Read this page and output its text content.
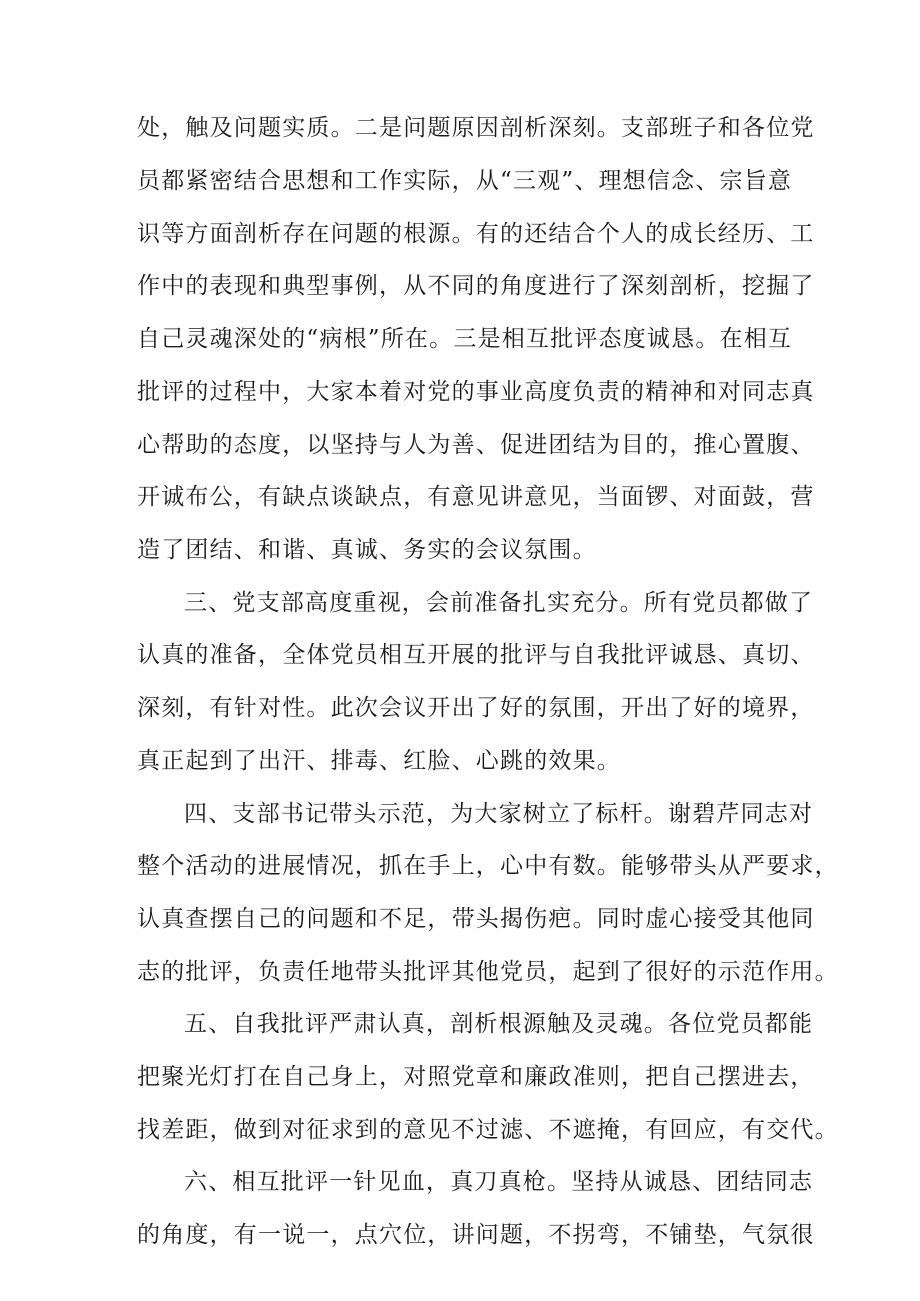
处，触及问题实质。二是问题原因剖析深刻。支部班子和各位党
员都紧密结合思想和工作实际，从“三观”、理想信念、宗旨意
识等方面剖析存在问题的根源。有的还结合个人的成长经历、工
作中的表现和典型事例，从不同的角度进行了深刻剖析，挖掘了
自己灵魂深处的“病根”所在。三是相互批评态度诚恳。在相互
批评的过程中，大家本着对党的事业高度负责的精神和对同志真
心帮助的态度，以坚持与人为善、促进团结为目的，推心置腹、
开诚布公，有缺点谈缺点，有意见讲意见，当面锣、对面鼓，营
造了团结、和谐、真诚、务实的会议氛围。
三、党支部高度重视，会前准备扎实充分。所有党员都做了
认真的准备，全体党员相互开展的批评与自我批评诚恳、真切、
深刻，有针对性。此次会议开出了好的氛围，开出了好的境界，
真正起到了出汗、排毒、红脸、心跳的效果。
四、支部书记带头示范，为大家树立了标杆。谢碧芹同志对
整个活动的进展情况，抓在手上，心中有数。能够带头从严要求，
认真查摆自己的问题和不足，带头揭伤疤。同时虚心接受其他同
志的批评，负责任地带头批评其他党员，起到了很好的示范作用。
五、自我批评严肃认真，剖析根源触及灵魂。各位党员都能
把聚光灯打在自己身上，对照党章和廉政准则，把自己摆进去，
找差距，做到对征求到的意见不过滤、不遮掩，有回应，有交代。
六、相互批评一针见血，真刀真枪。坚持从诚恳、团结同志
的角度，有一说一，点穴位，讲问题，不拐弯，不铺垫，气氛很
